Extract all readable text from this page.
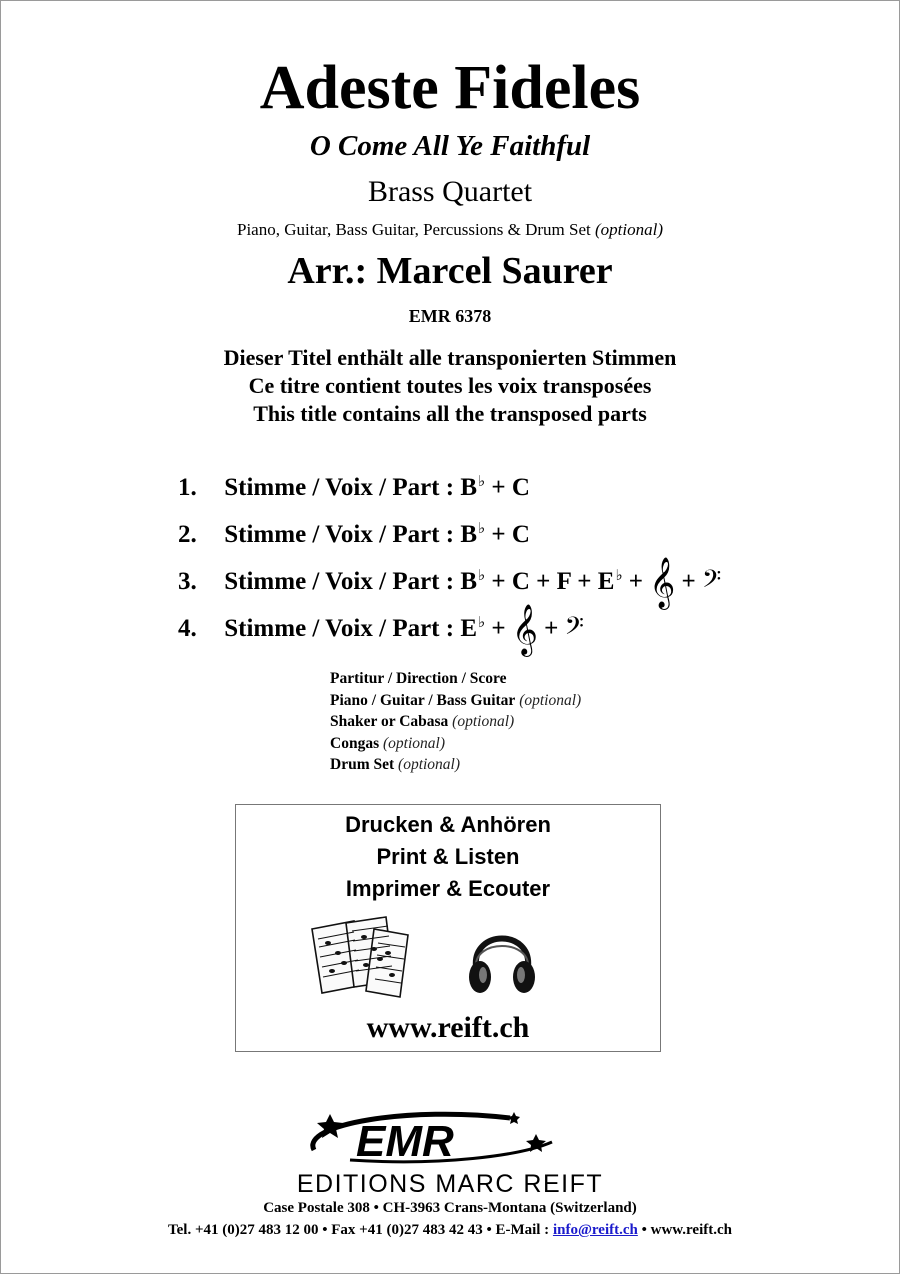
Adeste Fideles
O Come All Ye Faithful
Brass Quartet
Piano, Guitar, Bass Guitar, Percussions & Drum Set (optional)
Arr.: Marcel Saurer
EMR 6378
Dieser Titel enthält alle transponierten Stimmen
Ce titre contient toutes les voix transposées
This title contains all the transposed parts
1. Stimme / Voix / Part : B♭ + C
2. Stimme / Voix / Part : B♭ + C
3. Stimme / Voix / Part : B♭ + C + F + E♭ + 𝄞 + 𝄢
4. Stimme / Voix / Part : E♭ + 𝄞 + 𝄢
Partitur / Direction / Score
Piano / Guitar / Bass Guitar (optional)
Shaker or Cabasa (optional)
Congas (optional)
Drum Set (optional)
Drucken & Anhören
Print & Listen
Imprimer & Ecouter
www.reift.ch
EMR
EDITIONS MARC REIFT
Case Postale 308 • CH-3963 Crans-Montana (Switzerland)
Tel. +41 (0)27 483 12 00 • Fax +41 (0)27 483 42 43 • E-Mail : info@reift.ch • www.reift.ch
